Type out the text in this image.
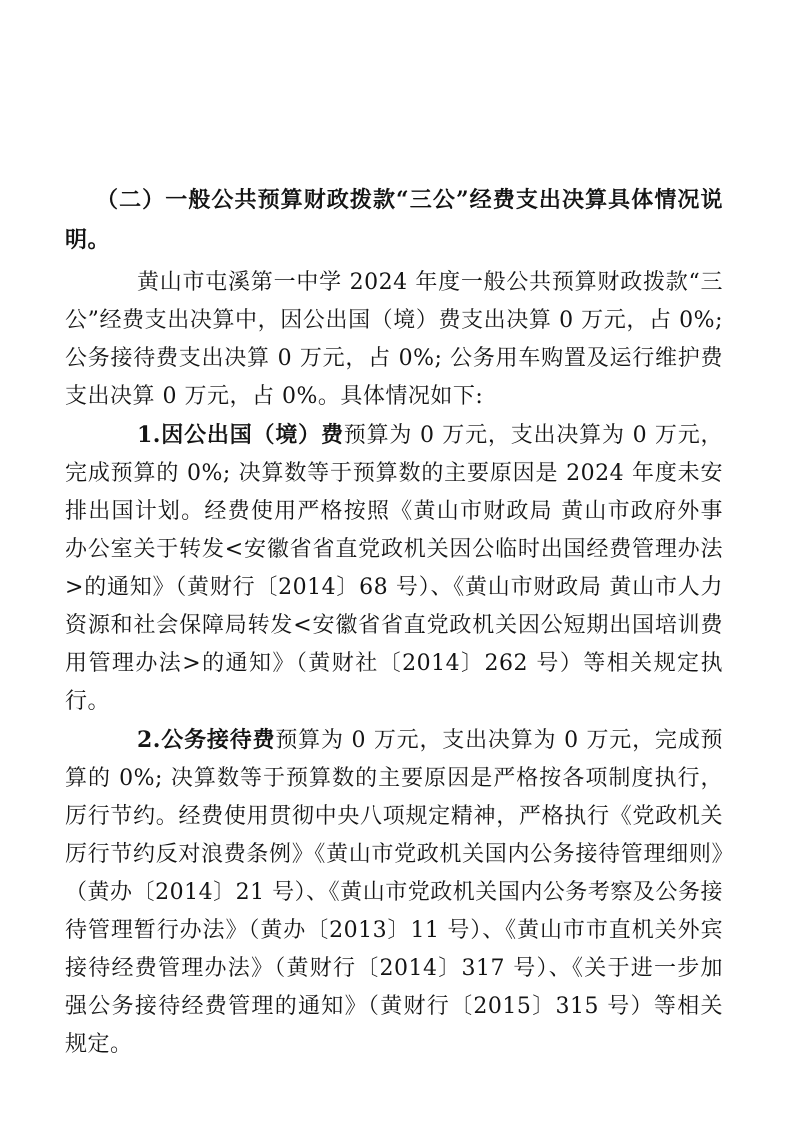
（二）一般公共预算财政拨款“三公”经费支出决算具体情况说明。

黄山市屯溪第一中学 2024 年度一般公共预算财政拨款“三公”经费支出决算中，因公出国（境）费支出决算 0 万元，占 0%; 公务接待费支出决算 0 万元，占 0%; 公务用车购置及运行维护费支出决算 0 万元，占 0%。具体情况如下:

1.因公出国（境）费预算为 0 万元，支出决算为 0 万元，完成预算的 0%; 决算数等于预算数的主要原因是 2024 年度未安排出国计划。经费使用严格按照《黄山市财政局 黄山市政府外事办公室关于转发<安徽省省直党政机关因公临时出国经费管理办法>的通知》（黄财行〔2014〕68 号）、《黄山市财政局 黄山市人力资源和社会保障局转发<安徽省省直党政机关因公短期出国培训费用管理办法>的通知》（黄财社〔2014〕262 号）等相关规定执行。

2.公务接待费预算为 0 万元，支出决算为 0 万元，完成预算的 0%; 决算数等于预算数的主要原因是严格按各项制度执行，厉行节约。经费使用贯彻中央八项规定精神，严格执行《党政机关厉行节约反对浪费条例》《黄山市党政机关国内公务接待管理细则》（黄办〔2014〕21 号）、《黄山市党政机关国内公务考察及公务接待管理暂行办法》（黄办〔2013〕11 号）、《黄山市市直机关外宾接待经费管理办法》（黄财行〔2014〕317 号）、《关于进一步加强公务接待经费管理的通知》（黄财行〔2015〕315 号）等相关规定。
